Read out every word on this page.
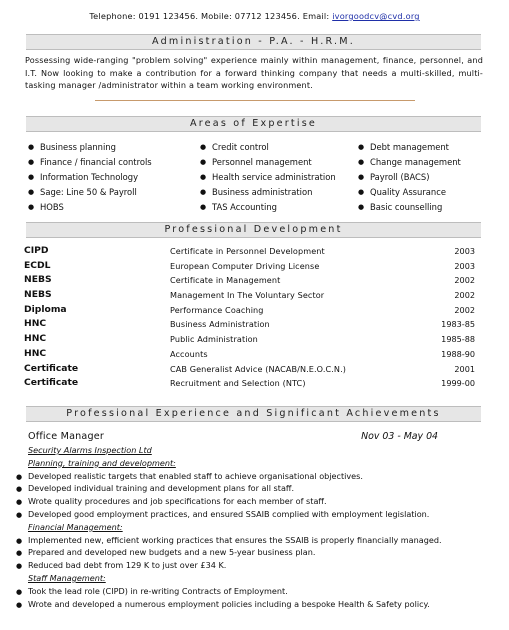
Telephone: 0191 123456. Mobile: 07712 123456. Email: ivorgoodcv@cvd.org
Administration - P.A. - H.R.M.
Possessing wide-ranging "problem solving" experience mainly within management, finance, personnel, and I.T. Now looking to make a contribution for a forward thinking company that needs a multi-skilled, multi-tasking manager /administrator within a team working environment.
Areas of Expertise
● Business planning
● Finance / financial controls
● Information Technology
● Sage: Line 50 & Payroll
● HOBS
● Credit control
● Personnel management
● Health service administration
● Business administration
● TAS Accounting
● Debt management
● Change management
● Payroll (BACS)
● Quality Assurance
● Basic counselling
Professional Development
CIPD	Certificate in Personnel Development	2003
ECDL	European Computer Driving License	2003
NEBS	Certificate in Management	2002
NEBS	Management In The Voluntary Sector	2002
Diploma	Performance Coaching	2002
HNC	Business Administration	1983-85
HNC	Public Administration	1985-88
HNC	Accounts	1988-90
Certificate	CAB Generalist Advice (NACAB/N.E.O.C.N.)	2001
Certificate	Recruitment and Selection (NTC)	1999-00
Professional Experience and Significant Achievements
Office Manager	Nov 03 - May 04
Security Alarms Inspection Ltd
Planning, training and development:
● Developed realistic targets that enabled staff to achieve organisational objectives.
● Developed individual training and development plans for all staff.
● Wrote quality procedures and job specifications for each member of staff.
● Developed good employment practices, and ensured SSAIB complied with employment legislation.
Financial Management:
● Implemented new, efficient working practices that ensures the SSAIB is properly financially managed.
● Prepared and developed new budgets and a new 5-year business plan.
● Reduced bad debt from 129 K to just over £34 K.
Staff Management:
● Took the lead role (CIPD) in re-writing Contracts of Employment.
● Wrote and developed a numerous employment policies including a bespoke Health & Safety policy.
